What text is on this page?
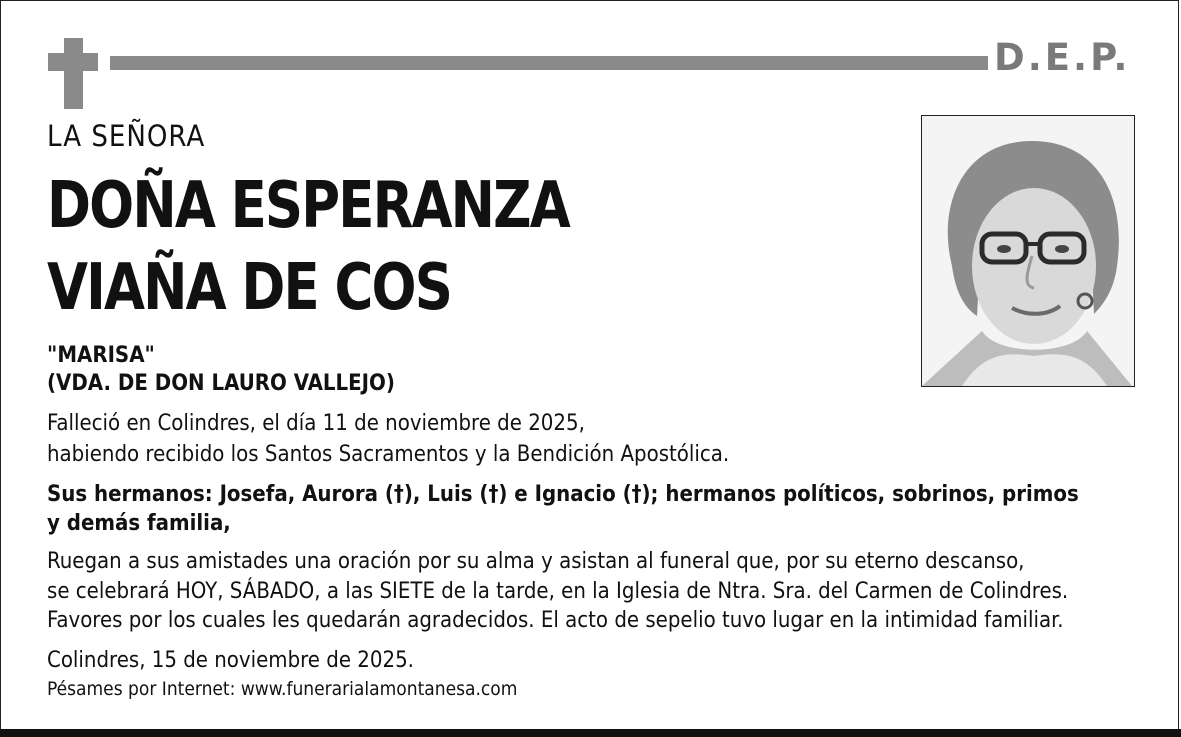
D.E.P.
LA SEÑORA
DOÑA ESPERANZA
VIAÑA DE COS
"MARISA"
(VDA. DE DON LAURO VALLEJO)
Falleció en Colindres, el día 11 de noviembre de 2025,
habiendo recibido los Santos Sacramentos y la Bendición Apostólica.
Sus hermanos: Josefa, Aurora (†), Luis (†) e Ignacio (†); hermanos políticos, sobrinos, primos
y demás familia,
Ruegan a sus amistades una oración por su alma y asistan al funeral que, por su eterno descanso,
se celebrará HOY, SÁBADO, a las SIETE de la tarde, en la Iglesia de Ntra. Sra. del Carmen de Colindres.
Favores por los cuales les quedarán agradecidos. El acto de sepelio tuvo lugar en la intimidad familiar.
Colindres, 15 de noviembre de 2025.
Pésames por Internet: www.funerarialamontanesa.com
